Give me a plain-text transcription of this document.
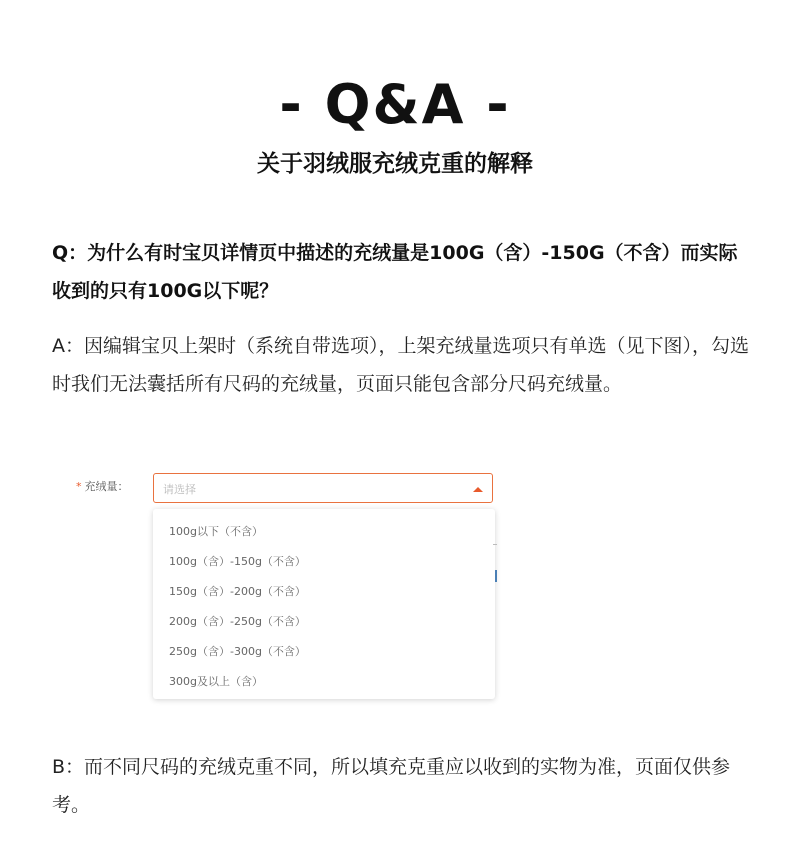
- Q&A -
关于羽绒服充绒克重的解释
Q：为什么有时宝贝详情页中描述的充绒量是100G（含）-150G（不含）而实际收到的只有100G以下呢？
A：因编辑宝贝上架时（系统自带选项），上架充绒量选项只有单选（见下图），勾选时我们无法囊括所有尺码的充绒量，页面只能包含部分尺码充绒量。
* 充绒量：	请选择
100g以下（不含）
100g（含）-150g（不含）
150g（含）-200g（不含）
200g（含）-250g（不含）
250g（含）-300g（不含）
300g及以上（含）
B：而不同尺码的充绒克重不同，所以填充克重应以收到的实物为准，页面仅供参考。
